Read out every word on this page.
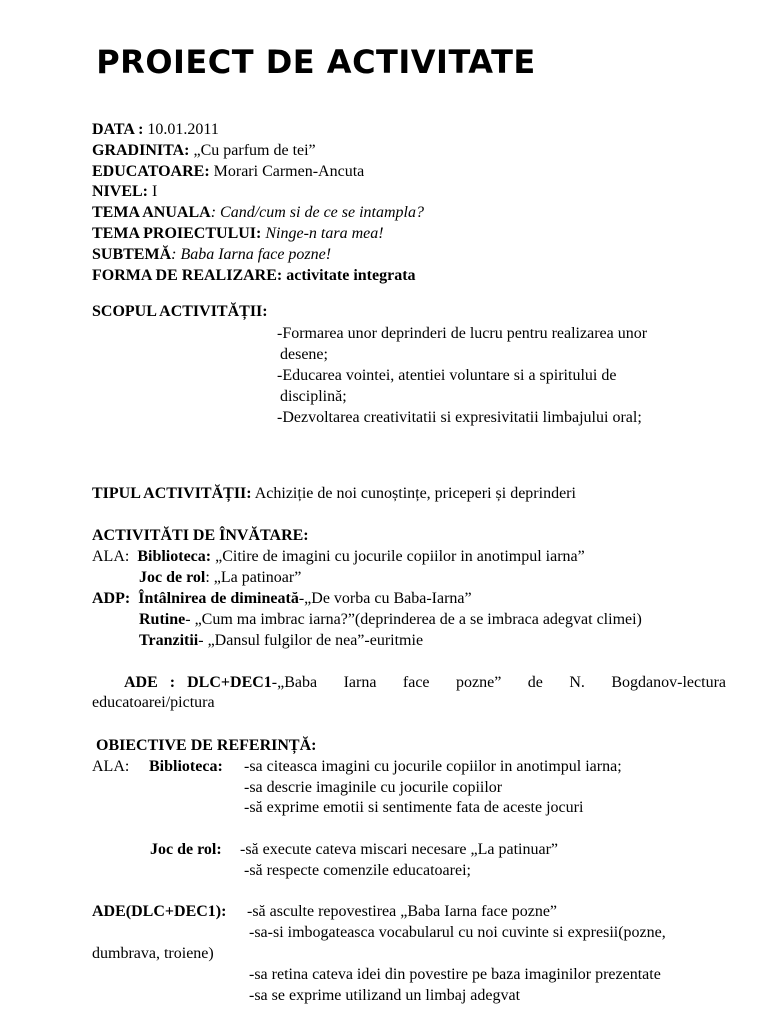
PROIECT DE ACTIVITATE
DATA : 10.01.2011
GRADINITA: „Cu parfum de tei”
EDUCATOARE: Morari Carmen-Ancuta
NIVEL: I
TEMA ANUALA: Cand/cum si de ce se intampla?
TEMA PROIECTULUI: Ninge-n tara mea!
SUBTEMĂ: Baba Iarna face pozne!
FORMA DE REALIZARE: activitate integrata
SCOPUL ACTIVITĂȚII:
-Formarea unor deprinderi de lucru pentru realizarea unor
desene;
-Educarea vointei, atentiei voluntare si a spiritului de
disciplină;
-Dezvoltarea creativitatii si expresivitatii limbajului oral;
TIPUL ACTIVITĂȚII: Achiziție de noi cunoștințe, priceperi și deprinderi
ACTIVITĂTI DE ÎNVĂTARE:
ALA: Biblioteca: „Citire de imagini cu jocurile copiilor in anotimpul iarna”
Joc de rol: „La patinoar”
ADP: Întâlnirea de dimineată-„De vorba cu Baba-Iarna”
Rutine- „Cum ma imbrac iarna?”(deprinderea de a se imbraca adegvat climei)
Tranzitii- „Dansul fulgilor de nea”-euritmie
ADE : DLC+DEC1 -„Baba Iarna face pozne” de N. Bogdanov-lectura
educatoarei/pictura
OBIECTIVE DE REFERINȚĂ:
ALA: Biblioteca: -sa citeasca imagini cu jocurile copiilor in anotimpul iarna;
-sa descrie imaginile cu jocurile copiilor
-să exprime emotii si sentimente fata de aceste jocuri
Joc de rol: -să execute cateva miscari necesare „La patinuar”
-să respecte comenzile educatoarei;
ADE(DLC+DEC1): -să asculte repovestirea „Baba Iarna face pozne”
-sa-si imbogateasca vocabularul cu noi cuvinte si expresii(pozne,
dumbrava, troiene)
-sa retina cateva idei din povestire pe baza imaginilor prezentate
-sa se exprime utilizand un limbaj adegvat
